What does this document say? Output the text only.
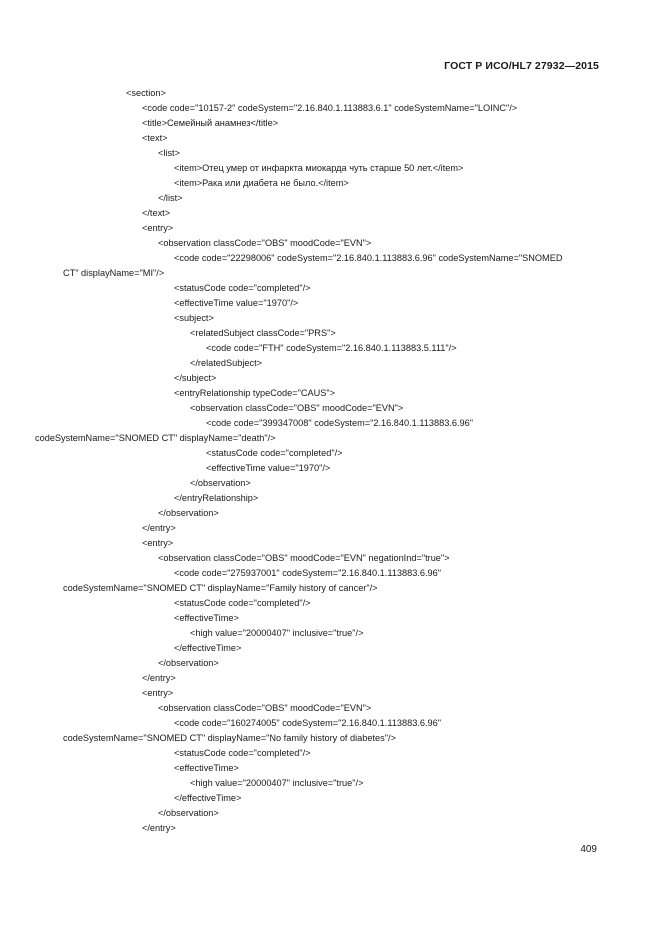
ГОСТ Р ИСО/HL7 27932—2015
<section>
<code code="10157-2" codeSystem="2.16.840.1.113883.6.1" codeSystemName="LOINC"/>
<title>Семейный анамнез</title>
<text>
<list>
<item>Отец умер от инфаркта миокарда чуть старше 50 лет.</item>
<item>Рака или диабета не было.</item>
</list>
</text>
<entry>
<observation classCode="OBS" moodCode="EVN">
<code code="22298006" codeSystem="2.16.840.1.113883.6.96" codeSystemName="SNOMED
CT" displayName="MI"/>
<statusCode code="completed"/>
<effectiveTime value="1970"/>
<subject>
<relatedSubject classCode="PRS">
<code code="FTH" codeSystem="2.16.840.1.113883.5.111"/>
</relatedSubject>
</subject>
<entryRelationship typeCode="CAUS">
<observation classCode="OBS" moodCode="EVN">
<code code="399347008" codeSystem="2.16.840.1.113883.6.96"
codeSystemName="SNOMED CT" displayName="death"/>
<statusCode code="completed"/>
<effectiveTime value="1970"/>
</observation>
</entryRelationship>
</observation>
</entry>
<entry>
<observation classCode="OBS" moodCode="EVN" negationInd="true">
<code code="275937001" codeSystem="2.16.840.1.113883.6.96"
codeSystemName="SNOMED CT" displayName="Family history of cancer"/>
<statusCode code="completed"/>
<effectiveTime>
<high value="20000407" inclusive="true"/>
</effectiveTime>
</observation>
</entry>
<entry>
<observation classCode="OBS" moodCode="EVN">
<code code="160274005" codeSystem="2.16.840.1.113883.6.96"
codeSystemName="SNOMED CT" displayName="No family history of diabetes"/>
<statusCode code="completed"/>
<effectiveTime>
<high value="20000407" inclusive="true"/>
</effectiveTime>
</observation>
</entry>
409
